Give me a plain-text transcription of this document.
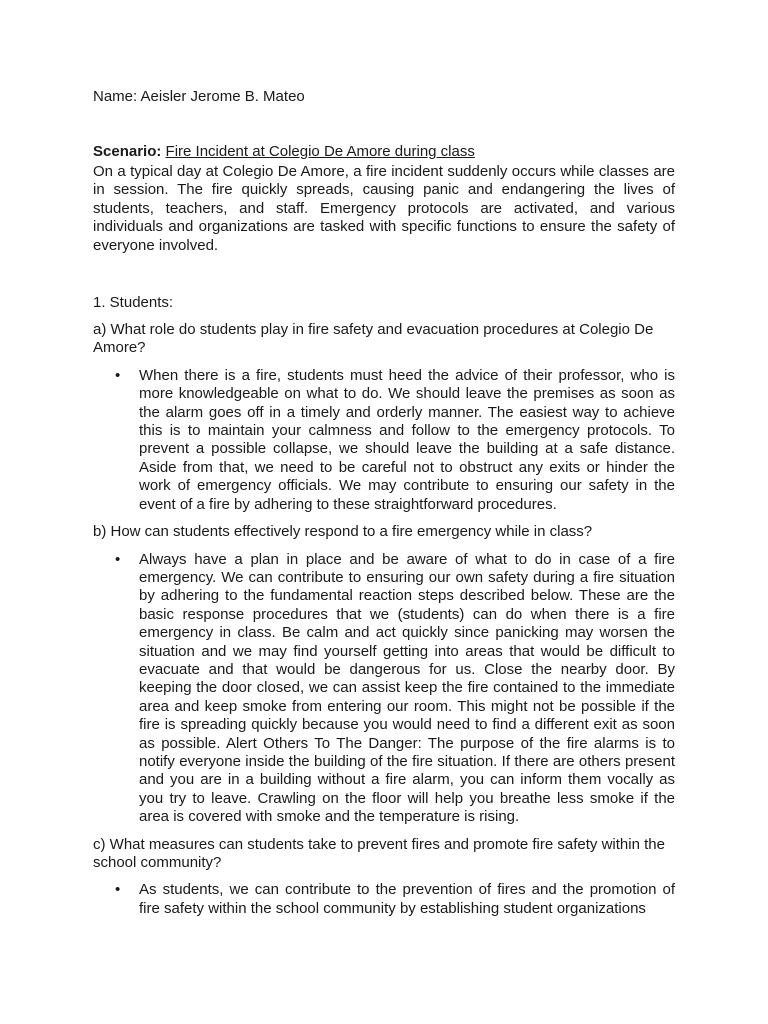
Name: Aeisler Jerome B. Mateo

Scenario: Fire Incident at Colegio De Amore during class

On a typical day at Colegio De Amore, a fire incident suddenly occurs while classes are in session. The fire quickly spreads, causing panic and endangering the lives of students, teachers, and staff. Emergency protocols are activated, and various individuals and organizations are tasked with specific functions to ensure the safety of everyone involved.

1. Students:

a) What role do students play in fire safety and evacuation procedures at Colegio De Amore?

• When there is a fire, students must heed the advice of their professor, who is more knowledgeable on what to do. We should leave the premises as soon as the alarm goes off in a timely and orderly manner. The easiest way to achieve this is to maintain your calmness and follow to the emergency protocols. To prevent a possible collapse, we should leave the building at a safe distance. Aside from that, we need to be careful not to obstruct any exits or hinder the work of emergency officials. We may contribute to ensuring our safety in the event of a fire by adhering to these straightforward procedures.

b) How can students effectively respond to a fire emergency while in class?

• Always have a plan in place and be aware of what to do in case of a fire emergency. We can contribute to ensuring our own safety during a fire situation by adhering to the fundamental reaction steps described below. These are the basic response procedures that we (students) can do when there is a fire emergency in class. Be calm and act quickly since panicking may worsen the situation and we may find yourself getting into areas that would be difficult to evacuate and that would be dangerous for us. Close the nearby door. By keeping the door closed, we can assist keep the fire contained to the immediate area and keep smoke from entering our room. This might not be possible if the fire is spreading quickly because you would need to find a different exit as soon as possible. Alert Others To The Danger: The purpose of the fire alarms is to notify everyone inside the building of the fire situation. If there are others present and you are in a building without a fire alarm, you can inform them vocally as you try to leave. Crawling on the floor will help you breathe less smoke if the area is covered with smoke and the temperature is rising.

c) What measures can students take to prevent fires and promote fire safety within the school community?

• As students, we can contribute to the prevention of fires and the promotion of fire safety within the school community by establishing student organizations
